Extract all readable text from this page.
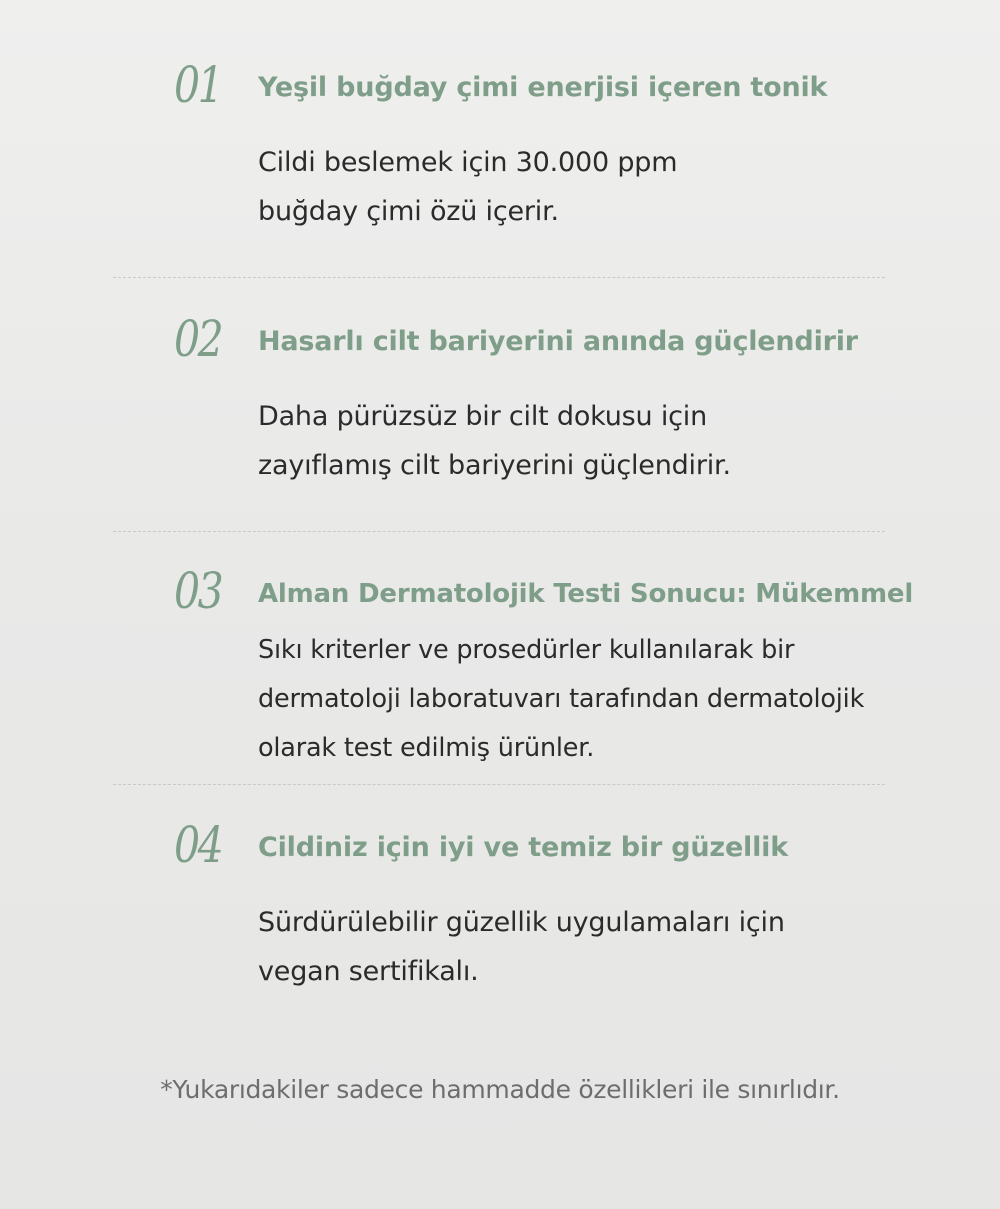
01 Yeşil buğday çimi enerjisi içeren tonik
Cildi beslemek için 30.000 ppm
buğday çimi özü içerir.
02 Hasarlı cilt bariyerini anında güçlendirir
Daha pürüzsüz bir cilt dokusu için
zayıflamış cilt bariyerini güçlendirir.
03 Alman Dermatolojik Testi Sonucu: Mükemmel
Sıkı kriterler ve prosedürler kullanılarak bir
dermatoloji laboratuvarı tarafından dermatolojik
olarak test edilmiş ürünler.
04 Cildiniz için iyi ve temiz bir güzellik
Sürdürülebilir güzellik uygulamaları için
vegan sertifikalı.
*Yukarıdakiler sadece hammadde özellikleri ile sınırlıdır.
